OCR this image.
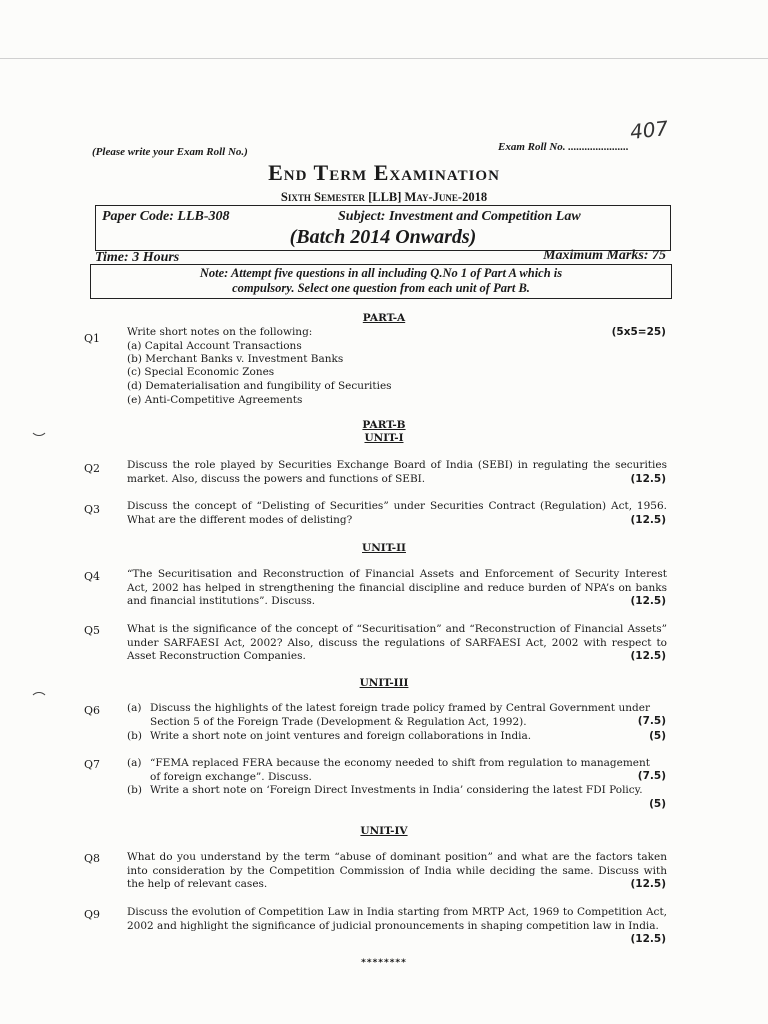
407
(Please write your Exam Roll No.)	Exam Roll No. ......................
End Term Examination
Sixth Semester [LLB] May-June-2018
Paper Code: LLB-308	Subject: Investment and Competition Law
(Batch 2014 Onwards)
Time: 3 Hours	Maximum Marks: 75
Note: Attempt five questions in all including Q.No 1 of Part A which is
compulsory. Select one question from each unit of Part B.
PART-A
Q1	Write short notes on the following:	(5x5=25)
(a) Capital Account Transactions
(b) Merchant Banks v. Investment Banks
(c) Special Economic Zones
(d) Dematerialisation and fungibility of Securities
(e) Anti-Competitive Agreements
PART-B
UNIT-I
Q2	Discuss the role played by Securities Exchange Board of India (SEBI) in regulating the securities market. Also, discuss the powers and functions of SEBI.	(12.5)
Q3	Discuss the concept of “Delisting of Securities” under Securities Contract (Regulation) Act, 1956. What are the different modes of delisting?	(12.5)
UNIT-II
Q4	“The Securitisation and Reconstruction of Financial Assets and Enforcement of Security Interest Act, 2002 has helped in strengthening the financial discipline and reduce burden of NPA’s on banks and financial institutions”. Discuss.	(12.5)
Q5	What is the significance of the concept of “Securitisation” and “Reconstruction of Financial Assets” under SARFAESI Act, 2002? Also, discuss the regulations of SARFAESI Act, 2002 with respect to Asset Reconstruction Companies.	(12.5)
UNIT-III
Q6	(a) Discuss the highlights of the latest foreign trade policy framed by Central Government under Section 5 of the Foreign Trade (Development & Regulation Act, 1992).	(7.5)
(b) Write a short note on joint ventures and foreign collaborations in India.	(5)
Q7	(a) “FEMA replaced FERA because the economy needed to shift from regulation to management of foreign exchange”. Discuss.	(7.5)
(b) Write a short note on ‘Foreign Direct Investments in India’ considering the latest FDI Policy.
(5)
UNIT-IV
Q8	What do you understand by the term “abuse of dominant position” and what are the factors taken into consideration by the Competition Commission of India while deciding the same. Discuss with the help of relevant cases.	(12.5)
Q9	Discuss the evolution of Competition Law in India starting from MRTP Act, 1969 to Competition Act, 2002 and highlight the significance of judicial pronouncements in shaping competition law in India.
(12.5)
********
